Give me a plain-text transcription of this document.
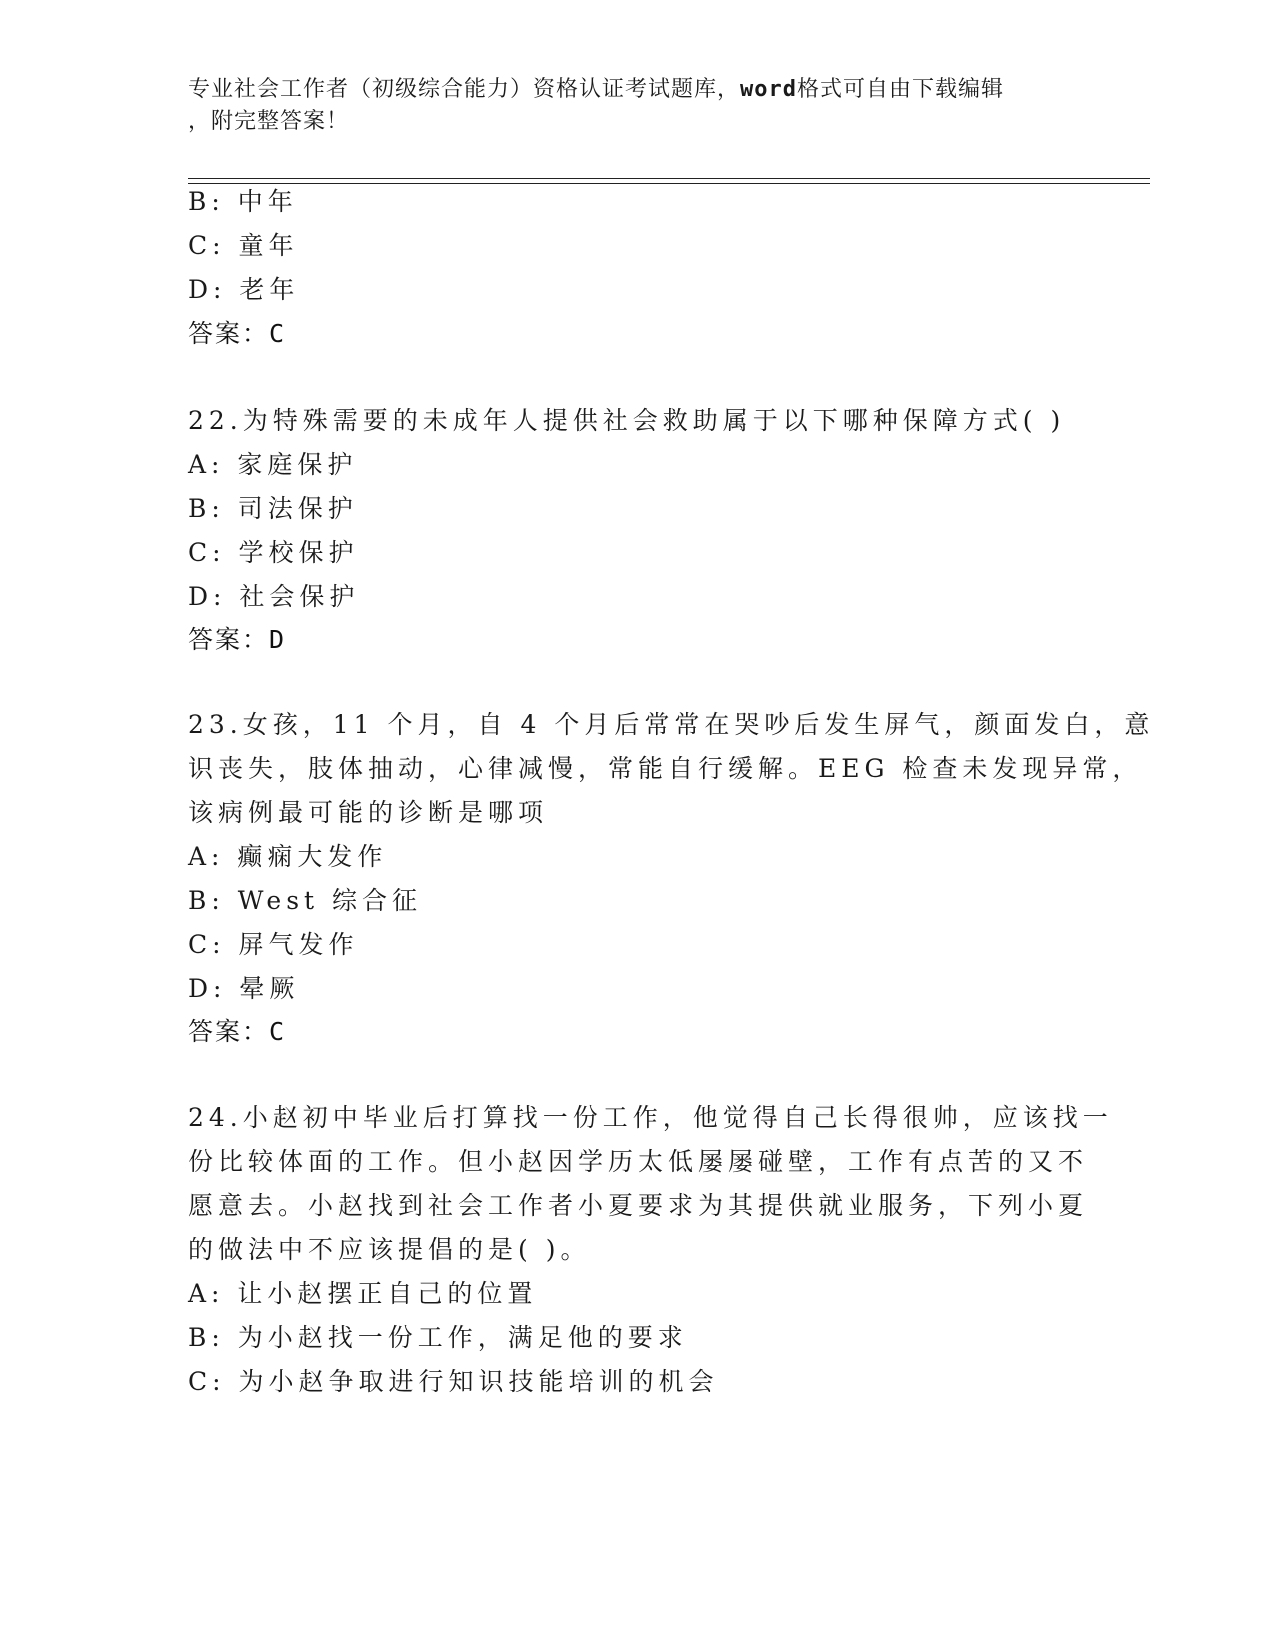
专业社会工作者（初级综合能力）资格认证考试题库，word格式可自由下载编辑
，附完整答案！
B: 中年
C: 童年
D: 老年
答案：C
22.为特殊需要的未成年人提供社会救助属于以下哪种保障方式( )
A: 家庭保护
B: 司法保护
C: 学校保护
D: 社会保护
答案：D
23.女孩，11 个月，自 4 个月后常常在哭吵后发生屏气，颜面发白，意
识丧失，肢体抽动，心律减慢，常能自行缓解。EEG 检查未发现异常，
该病例最可能的诊断是哪项
A: 癫痫大发作
B: West 综合征
C: 屏气发作
D: 晕厥
答案：C
24.小赵初中毕业后打算找一份工作，他觉得自己长得很帅，应该找一
份比较体面的工作。但小赵因学历太低屡屡碰壁，工作有点苦的又不
愿意去。小赵找到社会工作者小夏要求为其提供就业服务，下列小夏
的做法中不应该提倡的是( )。
A: 让小赵摆正自己的位置
B: 为小赵找一份工作，满足他的要求
C: 为小赵争取进行知识技能培训的机会
